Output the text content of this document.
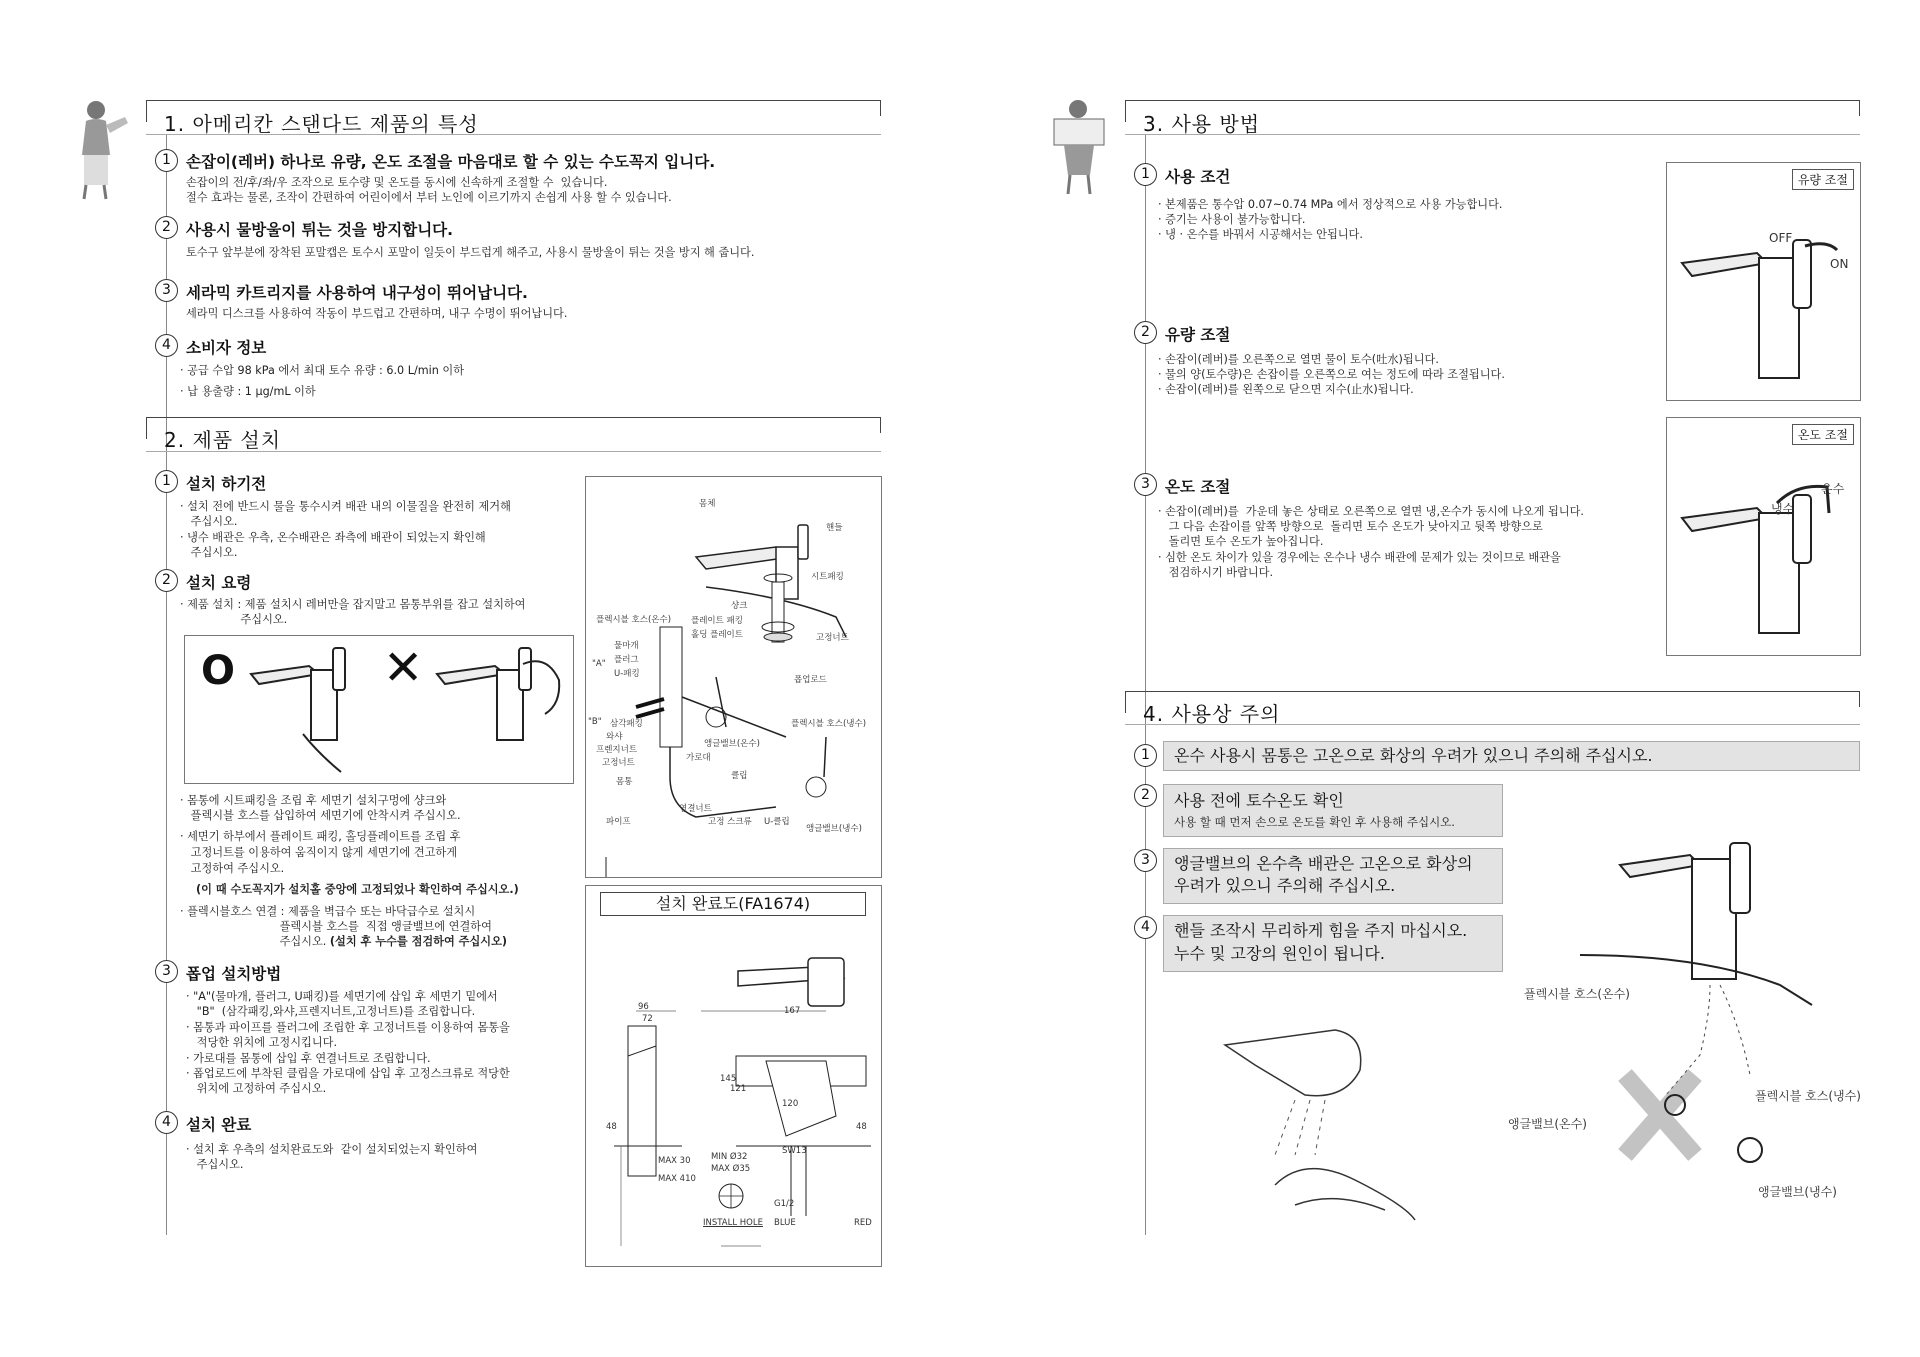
1. 아메리칸 스탠다드 제품의 특성
1 손잡이(레버) 하나로 유량, 온도 조절을 마음대로 할 수 있는 수도꼭지 입니다.
손잡이의 전/후/좌/우 조작으로 토수량 및 온도를 동시에 신속하게 조절할 수  있습니다.
절수 효과는 물론, 조작이 간편하여 어린이에서 부터 노인에 이르기까지 손쉽게 사용 할 수 있습니다.
2 사용시 물방울이 튀는 것을 방지합니다.
토수구 앞부분에 장착된 포말캡은 토수시 포말이 일듯이 부드럽게 해주고, 사용시 물방울이 튀는 것을 방지 해 줍니다.
3 세라믹 카트리지를 사용하여 내구성이 뛰어납니다.
세라믹 디스크를 사용하여 작동이 부드럽고 간편하며, 내구 수명이 뛰어납니다.
4 소비자 정보
· 공급 수압 98 kPa 에서 최대 토수 유량 : 6.0 L/min 이하
· 납 용출량 : 1 μg/mL 이하
2. 제품 설치
1 설치 하기전
· 설치 전에 반드시 물을 통수시켜 배관 내의 이물질을 완전히 제거해
주십시오.
· 냉수 배관은 우측, 온수배관은 좌측에 배관이 되었는지 확인해
주십시오.
2 설치 요령
· 제품 설치 : 제품 설치시 레버만을 잡지말고 몸통부위를 잡고 설치하여
주십시오.
O	✕
· 몸통에 시트패킹을 조립 후 세면기 설치구멍에 샹크와
플렉시블 호스를 삽입하여 세면기에 안착시켜 주십시오.
· 세면기 하부에서 플레이트 패킹, 홀딩플레이트를 조립 후
고정너트를 이용하여 움직이지 않게 세면기에 견고하게
고정하여 주십시오.
(이 때 수도꼭지가 설치홀 중앙에 고정되었나 확인하여 주십시오.)
· 플렉시블호스 연결 : 제품을 벽급수 또는 바닥급수로 설치시
플렉시블 호스를  직접 앵글밸브에 연결하여
주십시오. (설치 후 누수를 점검하여 주십시오)
3 폽업 설치방법
· "A"(물마개, 플러그, U패킹)를 세면기에 삽입 후 세면기 밑에서
"B"  (삼각패킹,와샤,프렌지너트,고정너트)를 조립합니다.
· 몸통과 파이프를 플러그에 조립한 후 고정너트를 이용하여 몸통을
적당한 위치에 고정시킵니다.
· 가로대를 몸통에 삽입 후 연결너트로 조립합니다.
· 폽업로드에 부착된 클립을 가로대에 삽입 후 고정스크류로 적당한
위치에 고정하여 주십시오.
4 설치 완료
· 설치 후 우측의 설치완료도와  같이 설치되었는지 확인하여
주십시오.
몸체
핸들
시트패킹
샹크
플렉시블 호스(온수) 플레이트 패킹
홀딩 플레이트	고정너트
물마개
플러그
"A"
U-패킹
폽업로드
삼각패킹
"B"
와샤
프렌지너트
고정너트	가로대
앵글밸브(온수)
플렉시블 호스(냉수)
몸통
클립
파이프
연결너트
고정 스크류 U-클립
앵글밸브(냉수)
설치 완료도(FA1674)
96
72
167
145
121
120
48	48
MAX 30
MAX 410
MIN Ø32
MAX Ø35
SW13
G1/2
BLUE	RED
INSTALL HOLE
3. 사용 방법
1 사용 조건
· 본제품은 통수압 0.07~0.74 MPa 에서 정상적으로 사용 가능합니다.
· 증기는 사용이 불가능합니다.
· 냉 · 온수를 바꿔서 시공해서는 안됩니다.
2 유량 조절
· 손잡이(레버)를 오른쪽으로 열면 물이 토수(吐水)됩니다.
· 물의 양(토수량)은 손잡이를 오른쪽으로 여는 정도에 따라 조절됩니다.
· 손잡이(레버)를 왼쪽으로 닫으면 지수(止水)됩니다.
3 온도 조절
· 손잡이(레버)를  가운데 놓은 상태로 오른쪽으로 열면 냉,온수가 동시에 나오게 됩니다.
그 다음 손잡이를 앞쪽 방향으로  돌리면 토수 온도가 낮아지고 뒷쪽 방향으로
돌리면 토수 온도가 높아집니다.
· 심한 온도 차이가 있을 경우에는 온수나 냉수 배관에 문제가 있는 것이므로 배관을
점검하시기 바랍니다.
유량 조절
OFF
ON
온도 조절
냉수
온수
4. 사용상 주의
1	온수 사용시 몸통은 고온으로 화상의 우려가 있으니 주의해 주십시오.
2	사용 전에 토수온도 확인
사용 할 때 먼저 손으로 온도를 확인 후 사용해 주십시오.
3	앵글밸브의 온수측 배관은 고온으로 화상의
우려가 있으니 주의해 주십시오.
4	핸들 조작시 무리하게 힘을 주지 마십시오.
누수 및 고장의 원인이 됩니다.
플렉시블 호스(온수)
플렉시블 호스(냉수)
앵글밸브(온수)
앵글밸브(냉수)
